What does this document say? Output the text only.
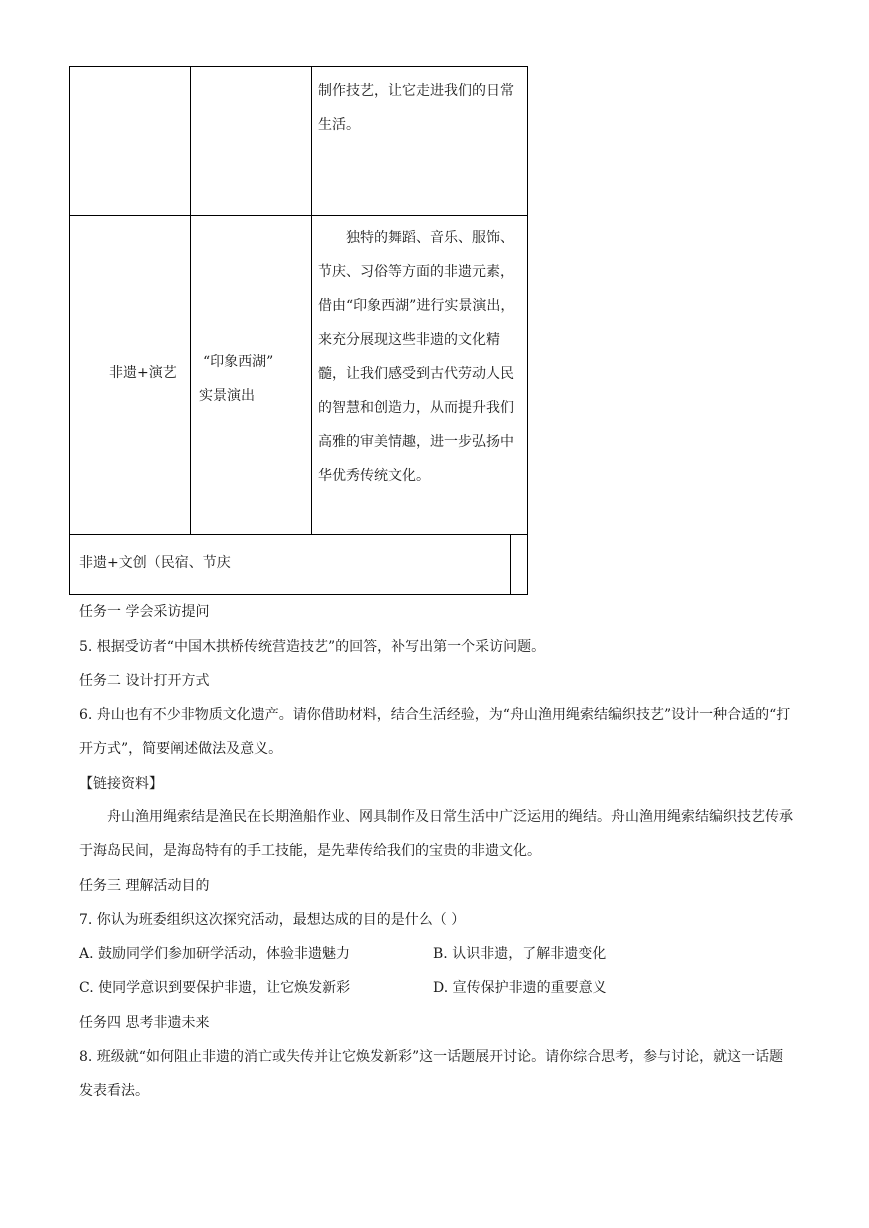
制作技艺，让它走进我们的日常生活。
非遗+演艺
“印象西湖”
实景演出
独特的舞蹈、音乐、服饰、节庆、习俗等方面的非遗元素，借由“印象西湖”进行实景演出，来充分展现这些非遗的文化精髓，让我们感受到古代劳动人民的智慧和创造力，从而提升我们高雅的审美情趣，进一步弘扬中华优秀传统文化。
非遗+文创（民宿、节庆
任务一 学会采访提问
5. 根据受访者“中国木拱桥传统营造技艺”的回答，补写出第一个采访问题。
任务二 设计打开方式
6. 舟山也有不少非物质文化遗产。请你借助材料，结合生活经验，为“舟山渔用绳索结编织技艺”设计一种合适的“打开方式”，简要阐述做法及意义。
【链接资料】
舟山渔用绳索结是渔民在长期渔船作业、网具制作及日常生活中广泛运用的绳结。舟山渔用绳索结编织技艺传承于海岛民间，是海岛特有的手工技能，是先辈传给我们的宝贵的非遗文化。
任务三 理解活动目的
7. 你认为班委组织这次探究活动，最想达成的目的是什么（ ）
A. 鼓励同学们参加研学活动，体验非遗魅力	B. 认识非遗，了解非遗变化
C. 使同学意识到要保护非遗，让它焕发新彩	D. 宣传保护非遗的重要意义
任务四 思考非遗未来
8. 班级就“如何阻止非遗的消亡或失传并让它焕发新彩”这一话题展开讨论。请你综合思考，参与讨论，就这一话题发表看法。
